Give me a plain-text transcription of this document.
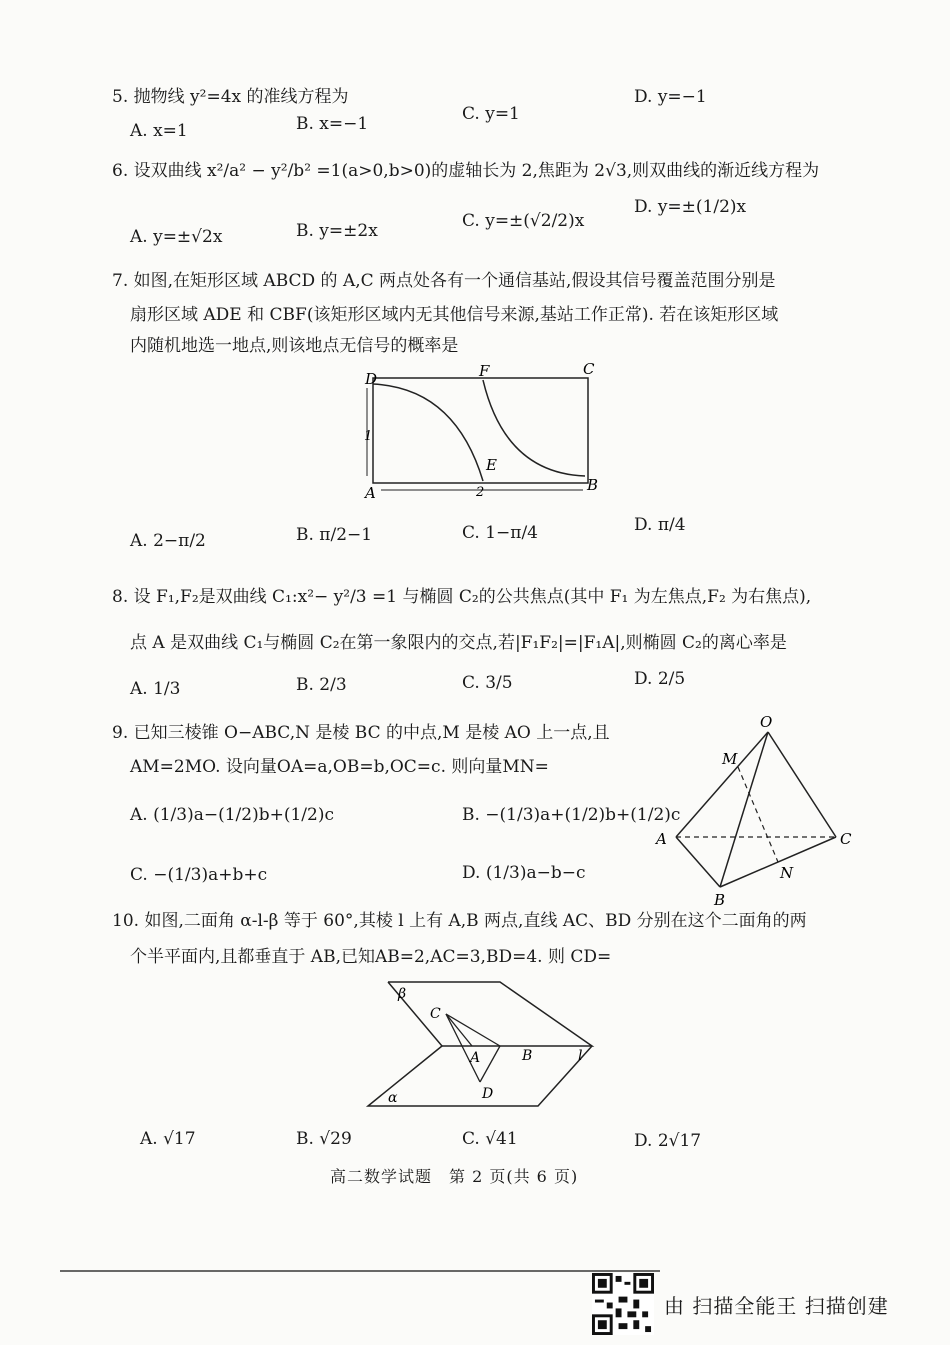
5. 抛物线 y²=4x 的准线方程为
A. x=1	B. x=−1	C. y=1
D. y=−1
6. 设双曲线 x²/a² − y²/b² =1(a>0,b>0)的虚轴长为 2,焦距为 2√3,则双曲线的渐近线方程为
A. y=±√2x	B. y=±2x	C. y=±(√2/2)x
D. y=±(1/2)x
7. 如图,在矩形区域 ABCD 的 A,C 两点处各有一个通信基站,假设其信号覆盖范围分别是
扇形区域 ADE 和 CBF(该矩形区域内无其他信号来源,基站工作正常). 若在该矩形区域
内随机地选一地点,则该地点无信号的概率是
D	F	C
E
A	B
1
2
A. 2−π/2	B. π/2−1	C. 1−π/4	D. π/4
8. 设 F₁,F₂是双曲线 C₁:x²− y²/3 =1 与椭圆 C₂的公共焦点(其中 F₁ 为左焦点,F₂ 为右焦点),
点 A 是双曲线 C₁与椭圆 C₂在第一象限内的交点,若|F₁F₂|=|F₁A|,则椭圆 C₂的离心率是
A. 1/3	B. 2/3	C. 3/5	D. 2/5
9. 已知三棱锥 O−ABC,N 是棱 BC 的中点,M 是棱 AO 上一点,且
AM=2MO. 设向量OA=a,OB=b,OC=c. 则向量MN=
A. (1/3)a−(1/2)b+(1/2)c	B. −(1/3)a+(1/2)b+(1/2)c
C. −(1/3)a+b+c	D. (1/3)a−b−c
O
M
A	C
N
B
10. 如图,二面角 α-l-β 等于 60°,其棱 l 上有 A,B 两点,直线 AC、BD 分别在这个二面角的两
个半平面内,且都垂直于 AB,已知AB=2,AC=3,BD=4. 则 CD=
β
C
A	B	l
α	D
A. √17	B. √29	C. √41	D. 2√17
高二数学试题　第 2 页(共 6 页)
由 扫描全能王 扫描创建
